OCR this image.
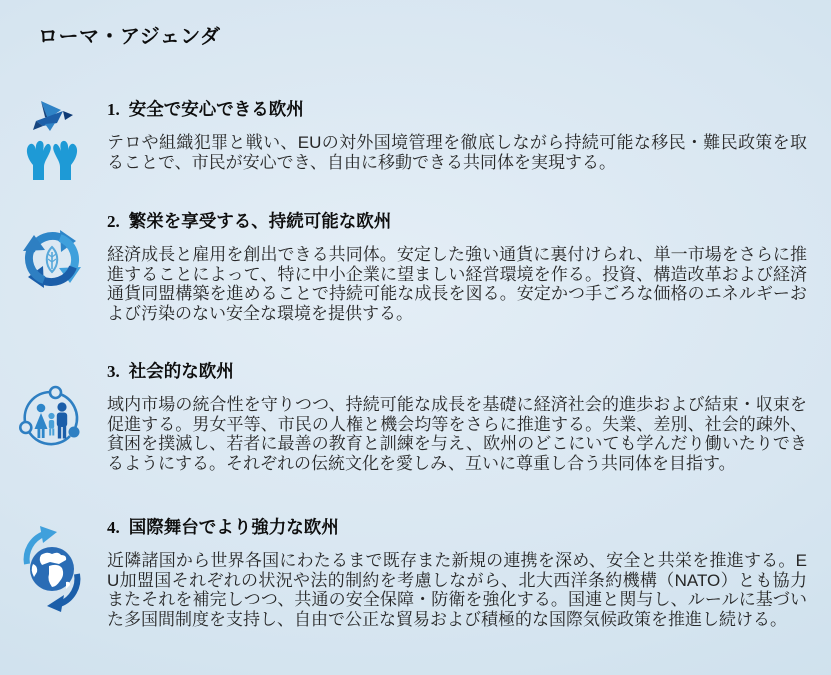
ローマ・アジェンダ
1. 安全で安心できる欧州
テロや組織犯罪と戦い、EUの対外国境管理を徹底しながら持続可能な移民・難民政策を取ることで、市民が安心でき、自由に移動できる共同体を実現する。
2. 繁栄を享受する、持続可能な欧州
経済成長と雇用を創出できる共同体。安定した強い通貨に裏付けられ、単一市場をさらに推進することによって、特に中小企業に望ましい経営環境を作る。投資、構造改革および経済通貨同盟構築を進めることで持続可能な成長を図る。安定かつ手ごろな価格のエネルギーおよび汚染のない安全な環境を提供する。
3. 社会的な欧州
域内市場の統合性を守りつつ、持続可能な成長を基礎に経済社会的進歩および結束・収束を促進する。男女平等、市民の人権と機会均等をさらに推進する。失業、差別、社会的疎外、貧困を撲滅し、若者に最善の教育と訓練を与え、欧州のどこにいても学んだり働いたりできるようにする。それぞれの伝統文化を愛しみ、互いに尊重し合う共同体を目指す。
4. 国際舞台でより強力な欧州
近隣諸国から世界各国にわたるまで既存また新規の連携を深め、安全と共栄を推進する。EU加盟国それぞれの状況や法的制約を考慮しながら、北大西洋条約機構（NATO）とも協力またそれを補完しつつ、共通の安全保障・防衛を強化する。国連と関与し、ルールに基づいた多国間制度を支持し、自由で公正な貿易および積極的な国際気候政策を推進し続ける。
